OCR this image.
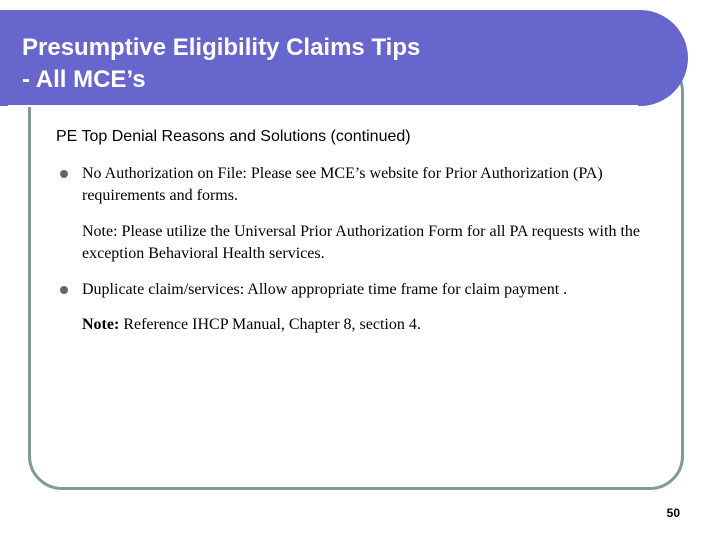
Presumptive Eligibility Claims Tips
- All MCE’s
PE Top Denial Reasons and Solutions (continued)
No Authorization on File: Please see MCE’s website for Prior Authorization (PA) requirements and forms.
Note: Please utilize the Universal Prior Authorization Form for all PA requests with the exception Behavioral Health services.
Duplicate claim/services: Allow appropriate time frame for claim payment .
Note: Reference IHCP Manual, Chapter 8, section 4.
50
